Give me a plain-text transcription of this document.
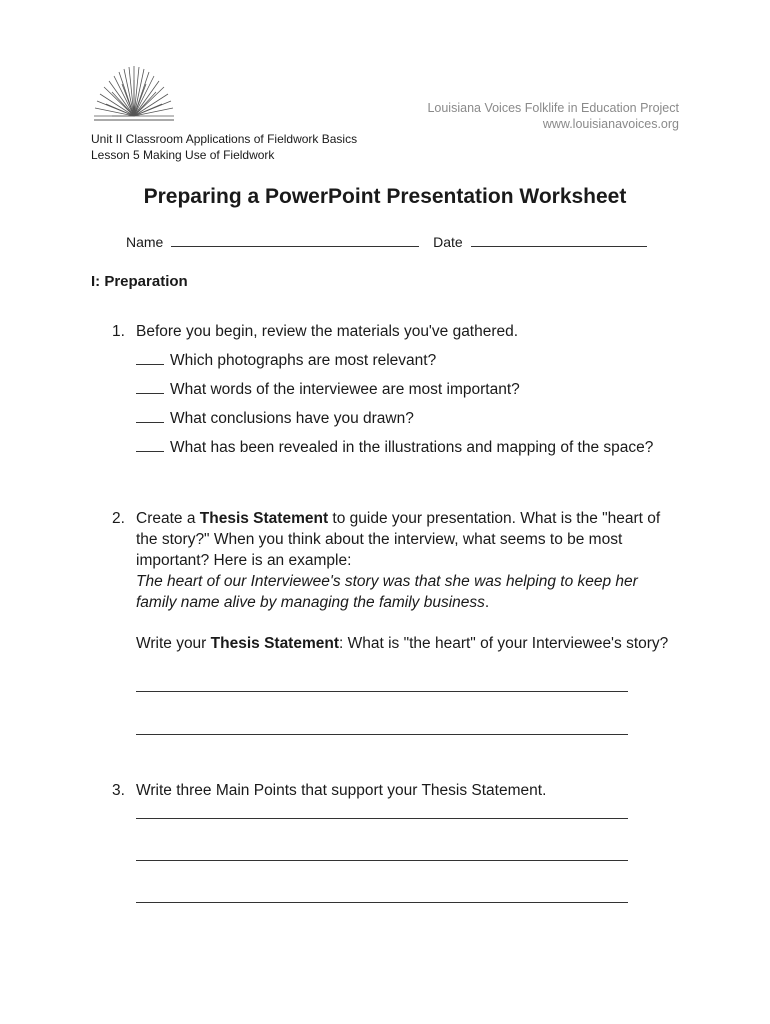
Louisiana Voices Folklife in Education Project
www.louisianavoices.org
Unit II Classroom Applications of Fieldwork Basics
Lesson 5 Making Use of Fieldwork
Preparing a PowerPoint Presentation Worksheet
Name	Date
I: Preparation
1. Before you begin, review the materials you've gathered.
Which photographs are most relevant?
What words of the interviewee are most important?
What conclusions have you drawn?
What has been revealed in the illustrations and mapping of the space?
2. Create a Thesis Statement to guide your presentation. What is the "heart of the story?" When you think about the interview, what seems to be most important? Here is an example:
The heart of our Interviewee's story was that she was helping to keep her family name alive by managing the family business.
Write your Thesis Statement: What is "the heart" of your Interviewee's story?
3. Write three Main Points that support your Thesis Statement.
